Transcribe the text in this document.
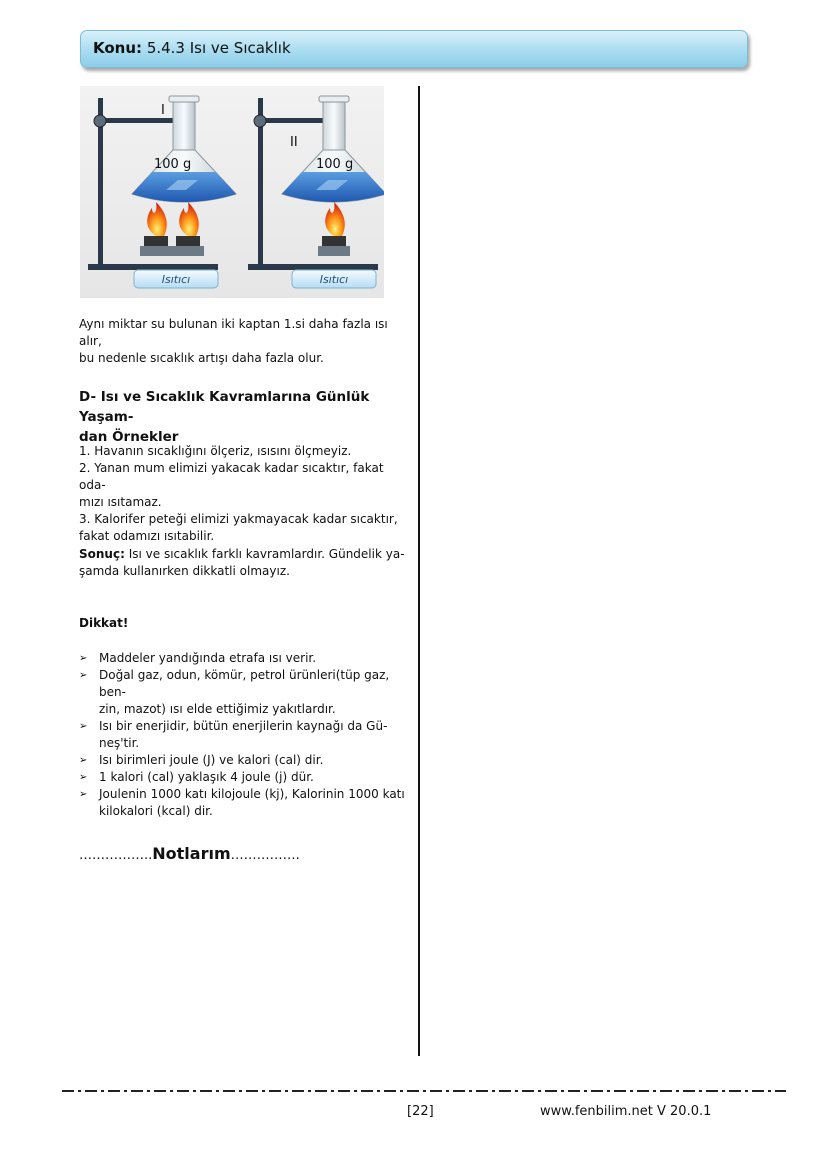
Konu: 5.4.3 Isı ve Sıcaklık
I
100 g
Isıtıcı
II
100 g
Isıtıcı
Aynı miktar su bulunan iki kaptan 1.si daha fazla ısı alır,
bu nedenle sıcaklık artışı daha fazla olur.
D- Isı ve Sıcaklık Kavramlarına Günlük Yaşam-
dan Örnekler
1. Havanın sıcaklığını ölçeriz, ısısını ölçmeyiz.
2. Yanan mum elimizi yakacak kadar sıcaktır, fakat oda-
mızı ısıtamaz.
3. Kalorifer peteği elimizi yakmayacak kadar sıcaktır,
fakat odamızı ısıtabilir.
Sonuç: Isı ve sıcaklık farklı kavramlardır. Gündelik ya-
şamda kullanırken dikkatli olmayız.
Dikkat!
➢ Maddeler yandığında etrafa ısı verir.
➢ Doğal gaz, odun, kömür, petrol ürünleri(tüp gaz, ben-
zin, mazot) ısı elde ettiğimiz yakıtlardır.
➢ Isı bir enerjidir, bütün enerjilerin kaynağı da Gü-
neş'tir.
➢ Isı birimleri joule (J) ve kalori (cal) dir.
➢ 1 kalori (cal) yaklaşık 4 joule (j) dür.
➢ Joulenin 1000 katı kilojoule (kj), Kalorinin 1000 katı
kilokalori (kcal) dir.
……………..Notlarım…………….
[22]	www.fenbilim.net V 20.0.1
